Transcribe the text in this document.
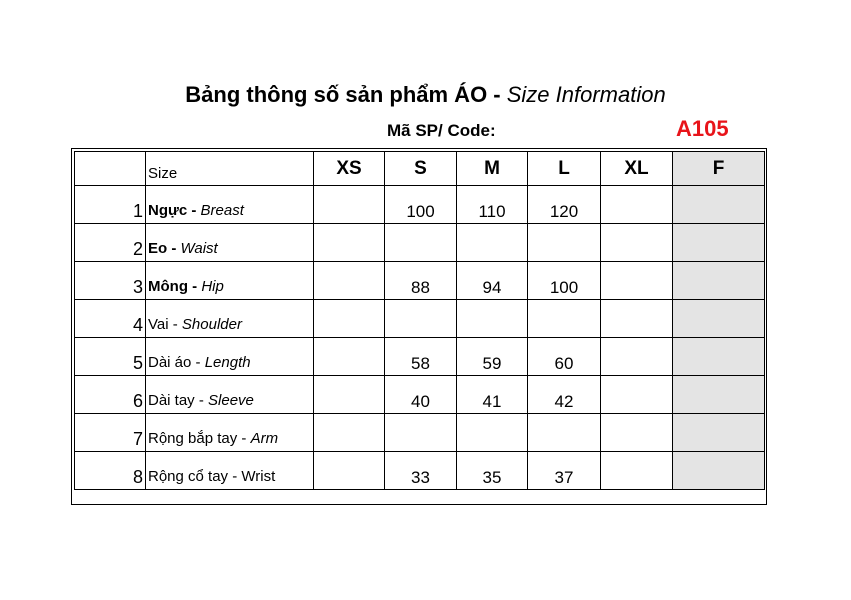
Bảng thông số sản phẩm ÁO - Size Information
Mã SP/ Code:	A105
	Size	XS	S	M	L	XL	F
1	Ngực - Breast		100	110	120		
2	Eo - Waist						
3	Mông - Hip		88	94	100		
4	Vai - Shoulder						
5	Dài áo - Length		58	59	60		
6	Dài tay - Sleeve		40	41	42		
7	Rộng bắp tay - Arm						
8	Rộng cổ tay - Wrist		33	35	37		
